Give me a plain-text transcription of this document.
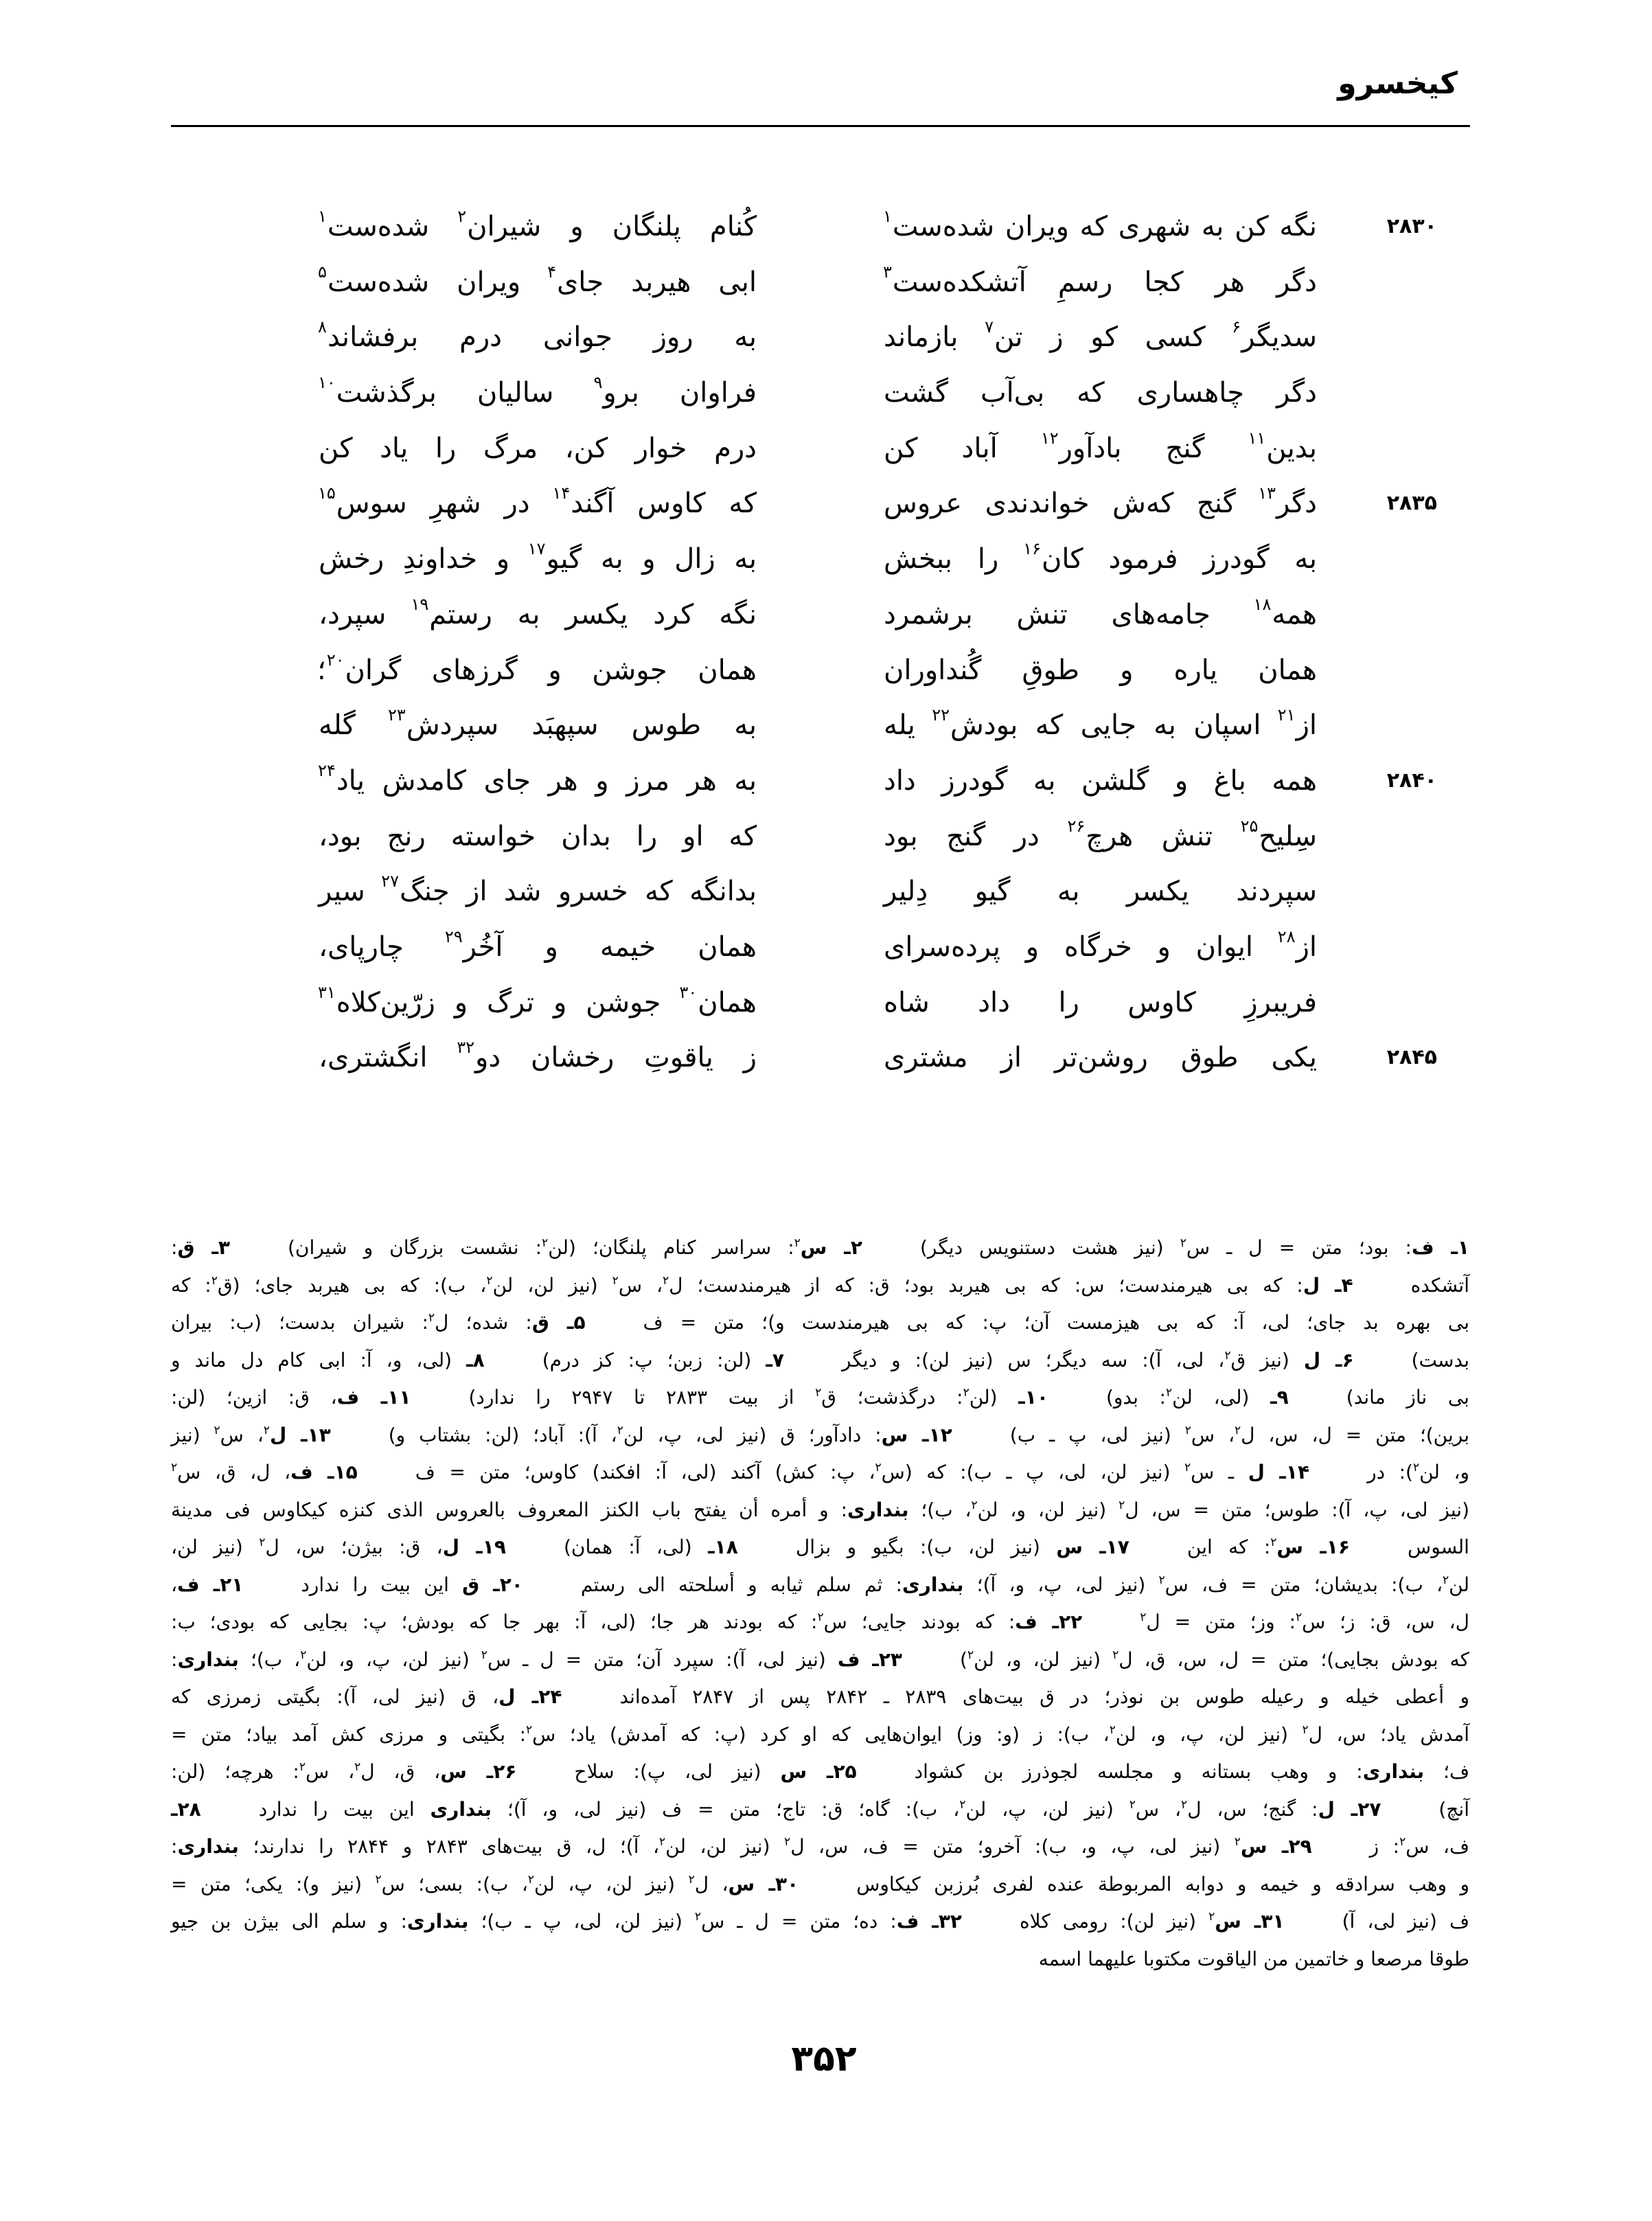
کیخسرو
۲۸۳۰
نگه
کن
به
شهری
که
ویران
شده‌ست$^۱$
کُنام
پلنگان
و
شیران$^۲$
شده‌ست$^۱$
دگر
هر
کجا
رسمِ
آتشکده‌ست$^۳$
ابی
هیربد
جای$^۴$
ویران
شده‌ست$^۵$
سدیگر$^۶$
کسی
کو
ز
تن$^۷$
بازماند
به
روز
جوانی
درم
برفشاند$^۸$
دگر
چاهساری
که
بی‌آب
گشت
فراوان
برو$^۹$
سالیان
برگذشت$^{۱۰}$
بدین$^{۱۱}$
گنج
بادآور$^{۱۲}$
آباد
کن
درم
خوار
کن،
مرگ
را
یاد
کن
۲۸۳۵
دگر$^{۱۳}$
گنج
که‌ش
خواندندی
عروس
که
کاوس
آگند$^{۱۴}$
در
شهرِ
سوس$^{۱۵}$
به
گودرز
فرمود
کان$^{۱۶}$
را
ببخش
به
زال
و
به
گیو$^{۱۷}$
و
خداوندِ
رخش
همه$^{۱۸}$
جامه‌های
تنش
برشمرد
نگه
کرد
یکسر
به
رستم$^{۱۹}$
سپرد،
همان
یاره
و
طوقِ
گُنداوران
همان
جوشن
و
گرزهای
گران$^{۲۰}$؛
از$^{۲۱}$
اسپان
به
جایی
که
بودش$^{۲۲}$
یله
به
طوس
سپهبَد
سپردش$^{۲۳}$
گله
۲۸۴۰
همه
باغ
و
گلشن
به
گودرز
داد
به
هر
مرز
و
هر
جای
کامدش
یاد$^{۲۴}$
سِلیح$^{۲۵}$
تنش
هرچ$^{۲۶}$
در
گنج
بود
که
او
را
بدان
خواسته
رنج
بود،
سپردند
یکسر
به
گیو
دِلیر
بدانگه
که
خسرو
شد
از
جنگ$^{۲۷}$
سیر
از$^{۲۸}$
ایوان
و
خرگاه
و
پرده‌سرای
همان
خیمه
و
آخُر$^{۲۹}$
چارپای،
فریبرزِ
کاوس
را
داد
شاه
همان$^{۳۰}$
جوشن
و
ترگ
و
زرّین‌کلاه$^{۳۱}$
۲۸۴۵
یکی
طوق
روشن‌تر
از
مشتری
ز
یاقوتِ
رخشان
دو$^{۳۲}$
انگشتری،
۱ـ ف: بود؛ متن = ل ـ س$^۲$ (نیز هشت دستنویس دیگر)   ۲ـ س$^۲$: سراسر کنام پلنگان؛ (لن$^۲$: نشست بزرگان و شیران)   ۳ـ ق:
آتشکده   ۴ـ ل: که بی هیرمندست؛ س: که بی هیربد بود؛ ق: که از هیرمندست؛ ل$^۲$، س$^۲$ (نیز لن، لن$^۲$، ب): که بی هیربد جای؛ (ق$^۲$: که
بی بهره بد جای؛ لی، آ: که بی هیزمست آن؛ پ: که بی هیرمندست و)؛ متن = ف   ۵ـ ق: شده؛ ل$^۲$: شیران بدست؛ (ب: بیران
بدست)   ۶ـ ل (نیز ق$^۲$، لی، آ): سه دیگر؛ س (نیز لن): و دیگر   ۷ـ (لن: زبن؛ پ: کز درم)   ۸ـ (لی، و، آ: ابی کام دل ماند و
بی ناز ماند)   ۹ـ (لی، لن$^۲$: بدو)   ۱۰ـ (لن$^۲$: درگذشت؛ ق$^۲$ از بیت ۲۸۳۳ تا ۲۹۴۷ را ندارد)   ۱۱ـ ف، ق: ازین؛ (لن:
برین)؛ متن = ل، س، ل$^۲$، س$^۲$ (نیز لی، پ ـ ب)   ۱۲ـ س: دادآور؛ ق (نیز لی، پ، لن$^۲$، آ): آباد؛ (لن: بشتاب و)   ۱۳ـ ل$^۲$، س$^۲$ (نیز
و، لن$^۲$): در   ۱۴ـ ل ـ س$^۲$ (نیز لن، لی، پ ـ ب): که (س$^۲$، پ: کش) آکند (لی، آ: افکند) کاوس؛ متن = ف   ۱۵ـ ف، ل، ق، س$^۲$
(نیز لی، پ، آ): طوس؛ متن = س، ل$^۲$ (نیز لن، و، لن$^۲$، ب)؛ بنداری: و أمره أن یفتح باب الکنز المعروف بالعروس الذی کنزه کیکاوس فی مدینة
السوس   ۱۶ـ س$^۲$: که این   ۱۷ـ س (نیز لن، ب): بگیو و بزال   ۱۸ـ (لی، آ: همان)   ۱۹ـ ل، ق: بیژن؛ س، ل$^۲$ (نیز لن،
لن$^۲$، ب): بدیشان؛ متن = ف، س$^۲$ (نیز لی، پ، و، آ)؛ بنداری: ثم سلم ثیابه و أسلحته الی رستم   ۲۰ـ ق این بیت را ندارد   ۲۱ـ ف،
ل، س، ق: ز؛ س$^۲$: وز؛ متن = ل$^۲$   ۲۲ـ ف: که بودند جایی؛ س$^۲$: که بودند هر جا؛ (لی، آ: بهر جا که بودش؛ پ: بجایی که بودی؛ ب:
که بودش بجایی)؛ متن = ل، س، ق، ل$^۲$ (نیز لن، و، لن$^۲$)   ۲۳ـ ف (نیز لی، آ): سپرد آن؛ متن = ل ـ س$^۲$ (نیز لن، پ، و، لن$^۲$، ب)؛ بنداری:
و أعطی خیله و رعیله طوس بن نوذر؛ در ق بیت‌های ۲۸۳۹ ـ ۲۸۴۲ پس از ۲۸۴۷ آمده‌اند   ۲۴ـ ل، ق (نیز لی، آ): بگیتی زمرزی که
آمدش یاد؛ س، ل$^۲$ (نیز لن، پ، و، لن$^۲$، ب): ز (و: وز) ایوان‌هایی که او کرد (پ: که آمدش) یاد؛ س$^۲$: بگیتی و مرزی کش آمد بیاد؛ متن =
ف؛ بنداری: و وهب بستانه و مجلسه لجوذرز بن کشواد   ۲۵ـ س (نیز لی، پ): سلاح   ۲۶ـ س، ق، ل$^۲$، س$^۲$: هرچه؛ (لن:
آنچ)   ۲۷ـ ل: گنج؛ س، ل$^۲$، س$^۲$ (نیز لن، پ، لن$^۲$، ب): گاه؛ ق: تاج؛ متن = ف (نیز لی، و، آ)؛ بنداری این بیت را ندارد   ۲۸ـ
ف، س$^۲$: ز   ۲۹ـ س$^۲$ (نیز لی، پ، و، ب): آخرو؛ متن = ف، س، ل$^۲$ (نیز لن، لن$^۲$، آ)؛ ل، ق بیت‌های ۲۸۴۳ و ۲۸۴۴ را ندارند؛ بنداری:
و وهب سرادقه و خیمه و دوابه المربوطة عنده لفری بُرزبن کیکاوس   ۳۰ـ س، ل$^۲$ (نیز لن، پ، لن$^۲$، ب): بسی؛ س$^۲$ (نیز و): یکی؛ متن =
ف (نیز لی، آ)   ۳۱ـ س$^۲$ (نیز لن): رومی کلاه   ۳۲ـ ف: ده؛ متن = ل ـ س$^۲$ (نیز لن، لی، پ ـ ب)؛ بنداری: و سلم الی بیژن بن جیو
طوقا مرصعا و خاتمین من الیاقوت مکتوبا علیهما اسمه
۳۵۲
